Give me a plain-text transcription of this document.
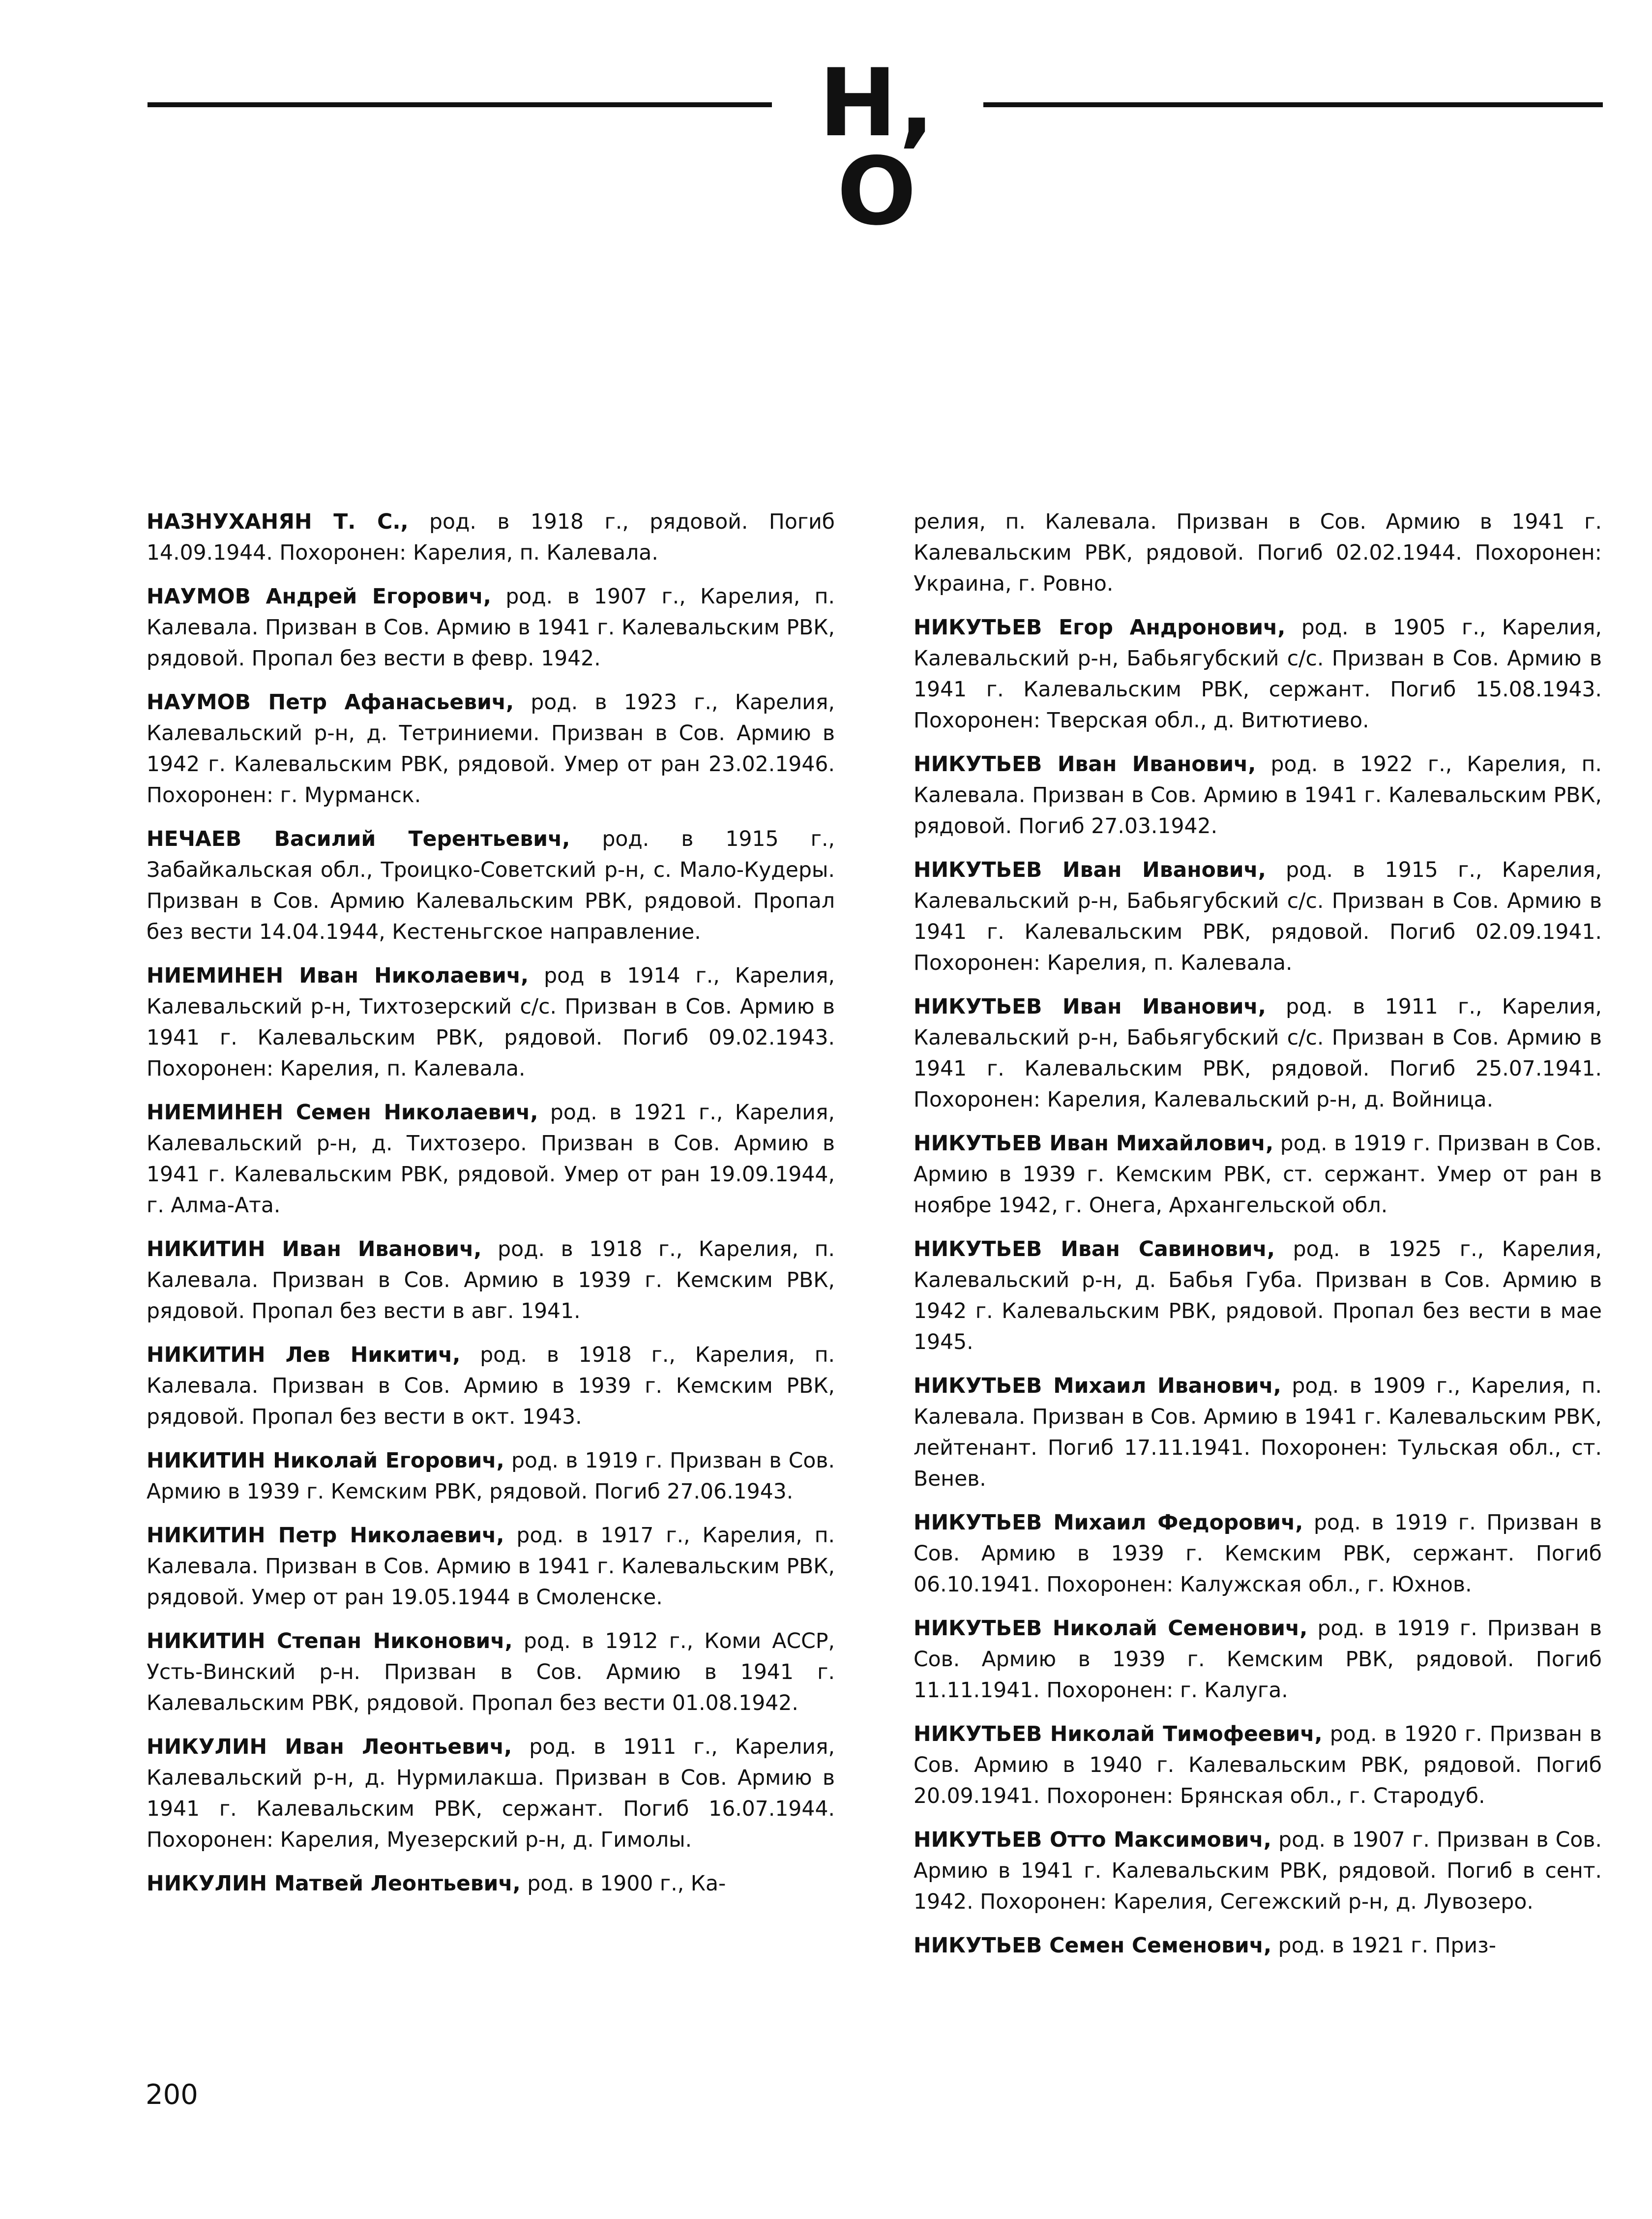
Н, О

НАЗНУХАНЯН Т. С., род. в 1918 г., рядовой. Погиб 14.09.1944. Похоронен: Карелия, п. Калевала.

НАУМОВ Андрей Егорович, род. в 1907 г., Карелия, п. Калевала. Призван в Сов. Армию в 1941 г. Калевальским РВК, рядовой. Пропал без вести в февр. 1942.

НАУМОВ Петр Афанасьевич, род. в 1923 г., Карелия, Калевальский р-н, д. Тетриниеми. Призван в Сов. Армию в 1942 г. Калевальским РВК, рядовой. Умер от ран 23.02.1946. Похоронен: г. Мурманск.

НЕЧАЕВ Василий Терентьевич, род. в 1915 г., Забайкальская обл., Троицко-Советский р-н, с. Мало-Кудеры. Призван в Сов. Армию Калевальским РВК, рядовой. Пропал без вести 14.04.1944, Кестеньгское направление.

НИЕМИНЕН Иван Николаевич, род в 1914 г., Карелия, Калевальский р-н, Тихтозерский с/с. Призван в Сов. Армию в 1941 г. Калевальским РВК, рядовой. Погиб 09.02.1943. Похоронен: Карелия, п. Калевала.

НИЕМИНЕН Семен Николаевич, род. в 1921 г., Карелия, Калевальский р-н, д. Тихтозеро. Призван в Сов. Армию в 1941 г. Калевальским РВК, рядовой. Умер от ран 19.09.1944, г. Алма-Ата.

НИКИТИН Иван Иванович, род. в 1918 г., Карелия, п. Калевала. Призван в Сов. Армию в 1939 г. Кемским РВК, рядовой. Пропал без вести в авг. 1941.

НИКИТИН Лев Никитич, род. в 1918 г., Карелия, п. Калевала. Призван в Сов. Армию в 1939 г. Кемским РВК, рядовой. Пропал без вести в окт. 1943.

НИКИТИН Николай Егорович, род. в 1919 г. Призван в Сов. Армию в 1939 г. Кемским РВК, рядовой. Погиб 27.06.1943.

НИКИТИН Петр Николаевич, род. в 1917 г., Карелия, п. Калевала. Призван в Сов. Армию в 1941 г. Калевальским РВК, рядовой. Умер от ран 19.05.1944 в Смоленске.

НИКИТИН Степан Никонович, род. в 1912 г., Коми АССР, Усть-Винский р-н. Призван в Сов. Армию в 1941 г. Калевальским РВК, рядовой. Пропал без вести 01.08.1942.

НИКУЛИН Иван Леонтьевич, род. в 1911 г., Карелия, Калевальский р-н, д. Нурмилакша. Призван в Сов. Армию в 1941 г. Калевальским РВК, сержант. Погиб 16.07.1944. Похоронен: Карелия, Муезерский р-н, д. Гимолы.

НИКУЛИН Матвей Леонтьевич, род. в 1900 г., Ка-

релия, п. Калевала. Призван в Сов. Армию в 1941 г. Калевальским РВК, рядовой. Погиб 02.02.1944. Похоронен: Украина, г. Ровно.

НИКУТЬЕВ Егор Андронович, род. в 1905 г., Карелия, Калевальский р-н, Бабьягубский с/с. Призван в Сов. Армию в 1941 г. Калевальским РВК, сержант. Погиб 15.08.1943. Похоронен: Тверская обл., д. Витютиево.

НИКУТЬЕВ Иван Иванович, род. в 1922 г., Карелия, п. Калевала. Призван в Сов. Армию в 1941 г. Калевальским РВК, рядовой. Погиб 27.03.1942.

НИКУТЬЕВ Иван Иванович, род. в 1915 г., Карелия, Калевальский р-н, Бабьягубский с/с. Призван в Сов. Армию в 1941 г. Калевальским РВК, рядовой. Погиб 02.09.1941. Похоронен: Карелия, п. Калевала.

НИКУТЬЕВ Иван Иванович, род. в 1911 г., Карелия, Калевальский р-н, Бабьягубский с/с. Призван в Сов. Армию в 1941 г. Калевальским РВК, рядовой. Погиб 25.07.1941. Похоронен: Карелия, Калевальский р-н, д. Войница.

НИКУТЬЕВ Иван Михайлович, род. в 1919 г. Призван в Сов. Армию в 1939 г. Кемским РВК, ст. сержант. Умер от ран в ноябре 1942, г. Онега, Архангельской обл.

НИКУТЬЕВ Иван Савинович, род. в 1925 г., Карелия, Калевальский р-н, д. Бабья Губа. Призван в Сов. Армию в 1942 г. Калевальским РВК, рядовой. Пропал без вести в мае 1945.

НИКУТЬЕВ Михаил Иванович, род. в 1909 г., Карелия, п. Калевала. Призван в Сов. Армию в 1941 г. Калевальским РВК, лейтенант. Погиб 17.11.1941. Похоронен: Тульская обл., ст. Венев.

НИКУТЬЕВ Михаил Федорович, род. в 1919 г. Призван в Сов. Армию в 1939 г. Кемским РВК, сержант. Погиб 06.10.1941. Похоронен: Калужская обл., г. Юхнов.

НИКУТЬЕВ Николай Семенович, род. в 1919 г. Призван в Сов. Армию в 1939 г. Кемским РВК, рядовой. Погиб 11.11.1941. Похоронен: г. Калуга.

НИКУТЬЕВ Николай Тимофеевич, род. в 1920 г. Призван в Сов. Армию в 1940 г. Калевальским РВК, рядовой. Погиб 20.09.1941. Похоронен: Брянская обл., г. Стародуб.

НИКУТЬЕВ Отто Максимович, род. в 1907 г. Призван в Сов. Армию в 1941 г. Калевальским РВК, рядовой. Погиб в сент. 1942. Похоронен: Карелия, Сегежский р-н, д. Лувозеро.

НИКУТЬЕВ Семен Семенович, род. в 1921 г. Приз-

200
